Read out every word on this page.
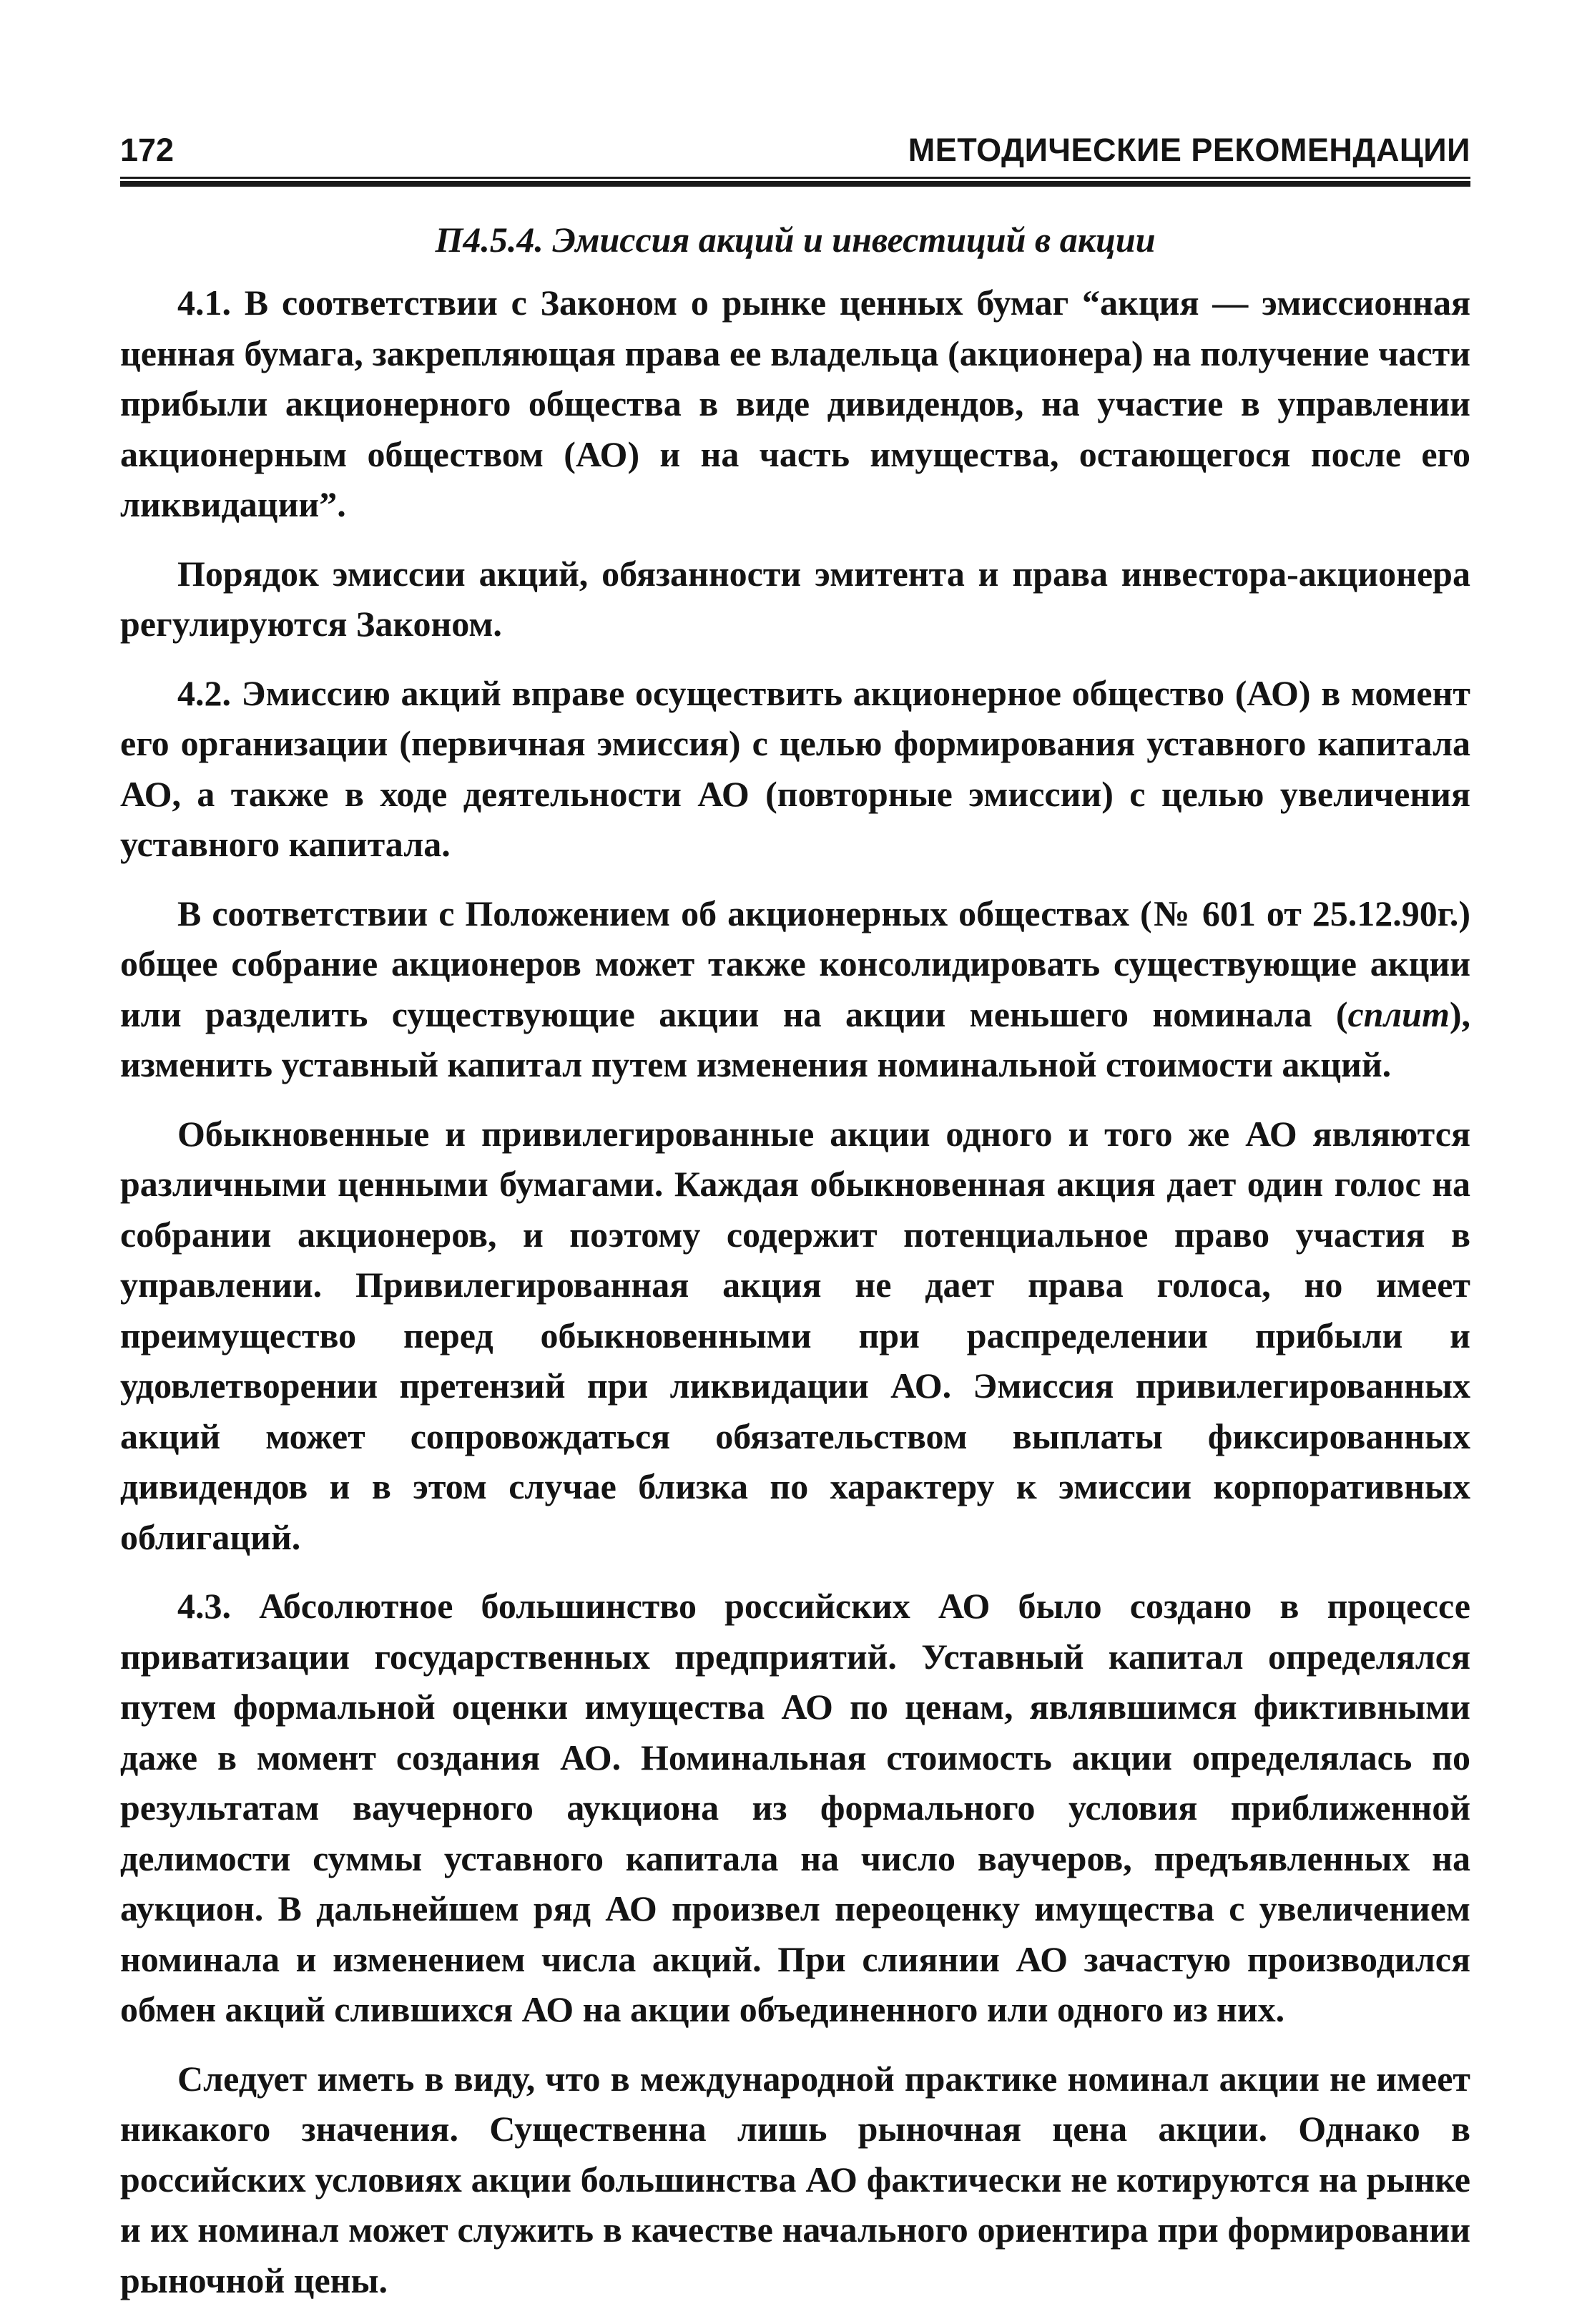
172	МЕТОДИЧЕСКИЕ РЕКОМЕНДАЦИИ
П4.5.4. Эмиссия акций и инвестиций в акции

4.1. В соответствии с Законом о рынке ценных бумаг “акция — эмиссионная ценная бумага, закрепляющая права ее владельца (акционера) на получение части прибыли акционерного общества в виде дивидендов, на участие в управлении акционерным обществом (АО) и на часть имущества, остающегося после его ликвидации”.

Порядок эмиссии акций, обязанности эмитента и права инвестора-акционера регулируются Законом.

4.2. Эмиссию акций вправе осуществить акционерное общество (АО) в момент его организации (первичная эмиссия) с целью формирования уставного капитала АО, а также в ходе деятельности АО (повторные эмиссии) с целью увеличения уставного капитала.

В соответствии с Положением об акционерных обществах (№ 601 от 25.12.90г.) общее собрание акционеров может также консолидировать существующие акции или разделить существующие акции на акции меньшего номинала (сплит), изменить уставный капитал путем изменения номинальной стоимости акций.

Обыкновенные и привилегированные акции одного и того же АО являются различными ценными бумагами. Каждая обыкновенная акция дает один голос на собрании акционеров, и поэтому содержит потенциальное право участия в управлении. Привилегированная акция не дает права голоса, но имеет преимущество перед обыкновенными при распределении прибыли и удовлетворении претензий при ликвидации АО. Эмиссия привилегированных акций может сопровождаться обязательством выплаты фиксированных дивидендов и в этом случае близка по характеру к эмиссии корпоративных облигаций.

4.3. Абсолютное большинство российских АО было создано в процессе приватизации государственных предприятий. Уставный капитал определялся путем формальной оценки имущества АО по ценам, являвшимся фиктивными даже в момент создания АО. Номинальная стоимость акции определялась по результатам ваучерного аукциона из формального условия приближенной делимости суммы уставного капитала на число ваучеров, предъявленных на аукцион. В дальнейшем ряд АО произвел переоценку имущества с увеличением номинала и изменением числа акций. При слиянии АО зачастую производился обмен акций слившихся АО на акции объединенного или одного из них.

Следует иметь в виду, что в международной практике номинал акции не имеет никакого значения. Существенна лишь рыночная цена акции. Однако в российских условиях акции большинства АО фактически не котируются на рынке и их номинал может служить в качестве начального ориентира при формировании рыночной цены.
